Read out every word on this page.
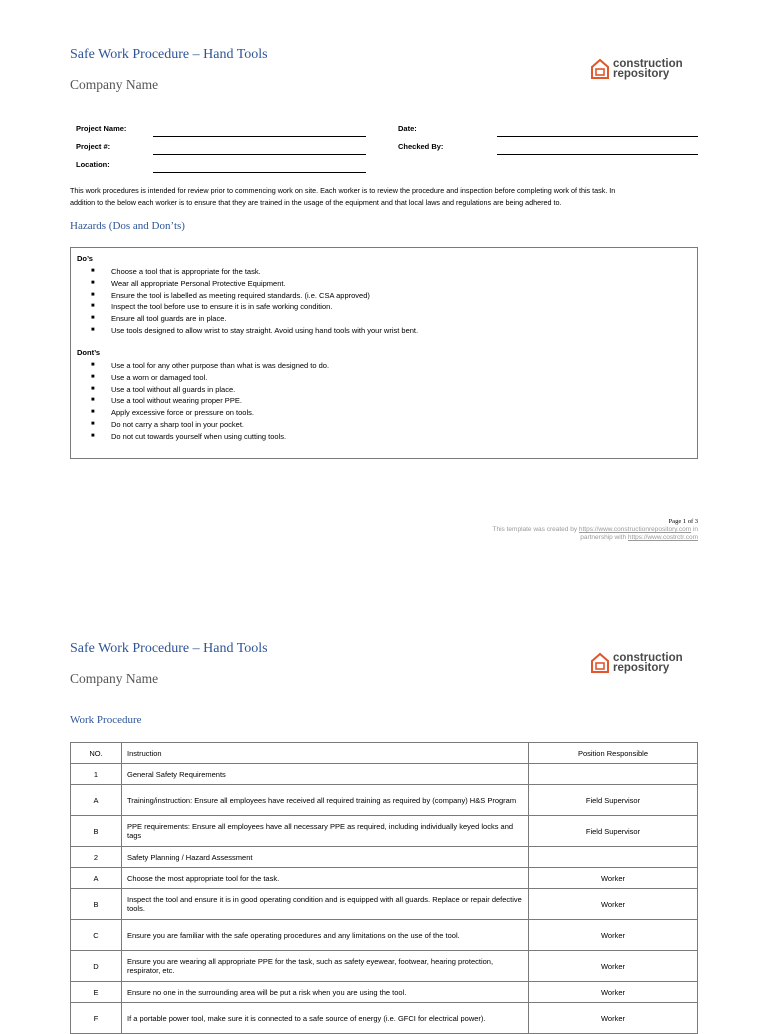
Safe Work Procedure – Hand Tools
Company Name
construction
repository
Project Name:
Project #:
Location:
Date:
Checked By:
This work procedures is intended for review prior to commencing work on site. Each worker is to review the procedure and inspection before completing work of this task. In
addition to the below each worker is to ensure that they are trained in the usage of the equipment and that local laws and regulations are being adhered to.
Hazards (Dos and Don’ts)
Do’s
■	Choose a tool that is appropriate for the task.
■	Wear all appropriate Personal Protective Equipment.
■	Ensure the tool is labelled as meeting required standards. (i.e. CSA approved)
■	Inspect the tool before use to ensure it is in safe working condition.
■	Ensure all tool guards are in place.
■	Use tools designed to allow wrist to stay straight. Avoid using hand tools with your wrist bent.
Dont’s
■	Use a tool for any other purpose than what is was designed to do.
■	Use a worn or damaged tool.
■	Use a tool without all guards in place.
■	Use a tool without wearing proper PPE.
■	Apply excessive force or pressure on tools.
■	Do not carry a sharp tool in your pocket.
■	Do not cut towards yourself when using cutting tools.
Page 1 of 3
This template was created by https://www.constructionrepository.com in
partnership with https://www.costrctr.com
Safe Work Procedure – Hand Tools
Company Name
construction
repository
Work Procedure
NO.	Instruction	Position Responsible
1	General Safety Requirements	
A	Training/instruction: Ensure all employees have received all required training as required by (company) H&S Program	Field Supervisor
B	PPE requirements: Ensure all employees have all necessary PPE as required, including individually keyed locks and tags	Field Supervisor
2	Safety Planning / Hazard Assessment	
A	Choose the most appropriate tool for the task.	Worker
B	Inspect the tool and ensure it is in good operating condition and is equipped with all guards. Replace or repair defective tools.	Worker
C	Ensure you are familiar with the safe operating procedures and any limitations on the use of the tool.	Worker
D	Ensure you are wearing all appropriate PPE for the task, such as safety eyewear, footwear, hearing protection, respirator, etc.	Worker
E	Ensure no one in the surrounding area will be put a risk when you are using the tool.	Worker
F	If a portable power tool, make sure it is connected to a safe source of energy (i.e. GFCI for electrical power).	Worker
